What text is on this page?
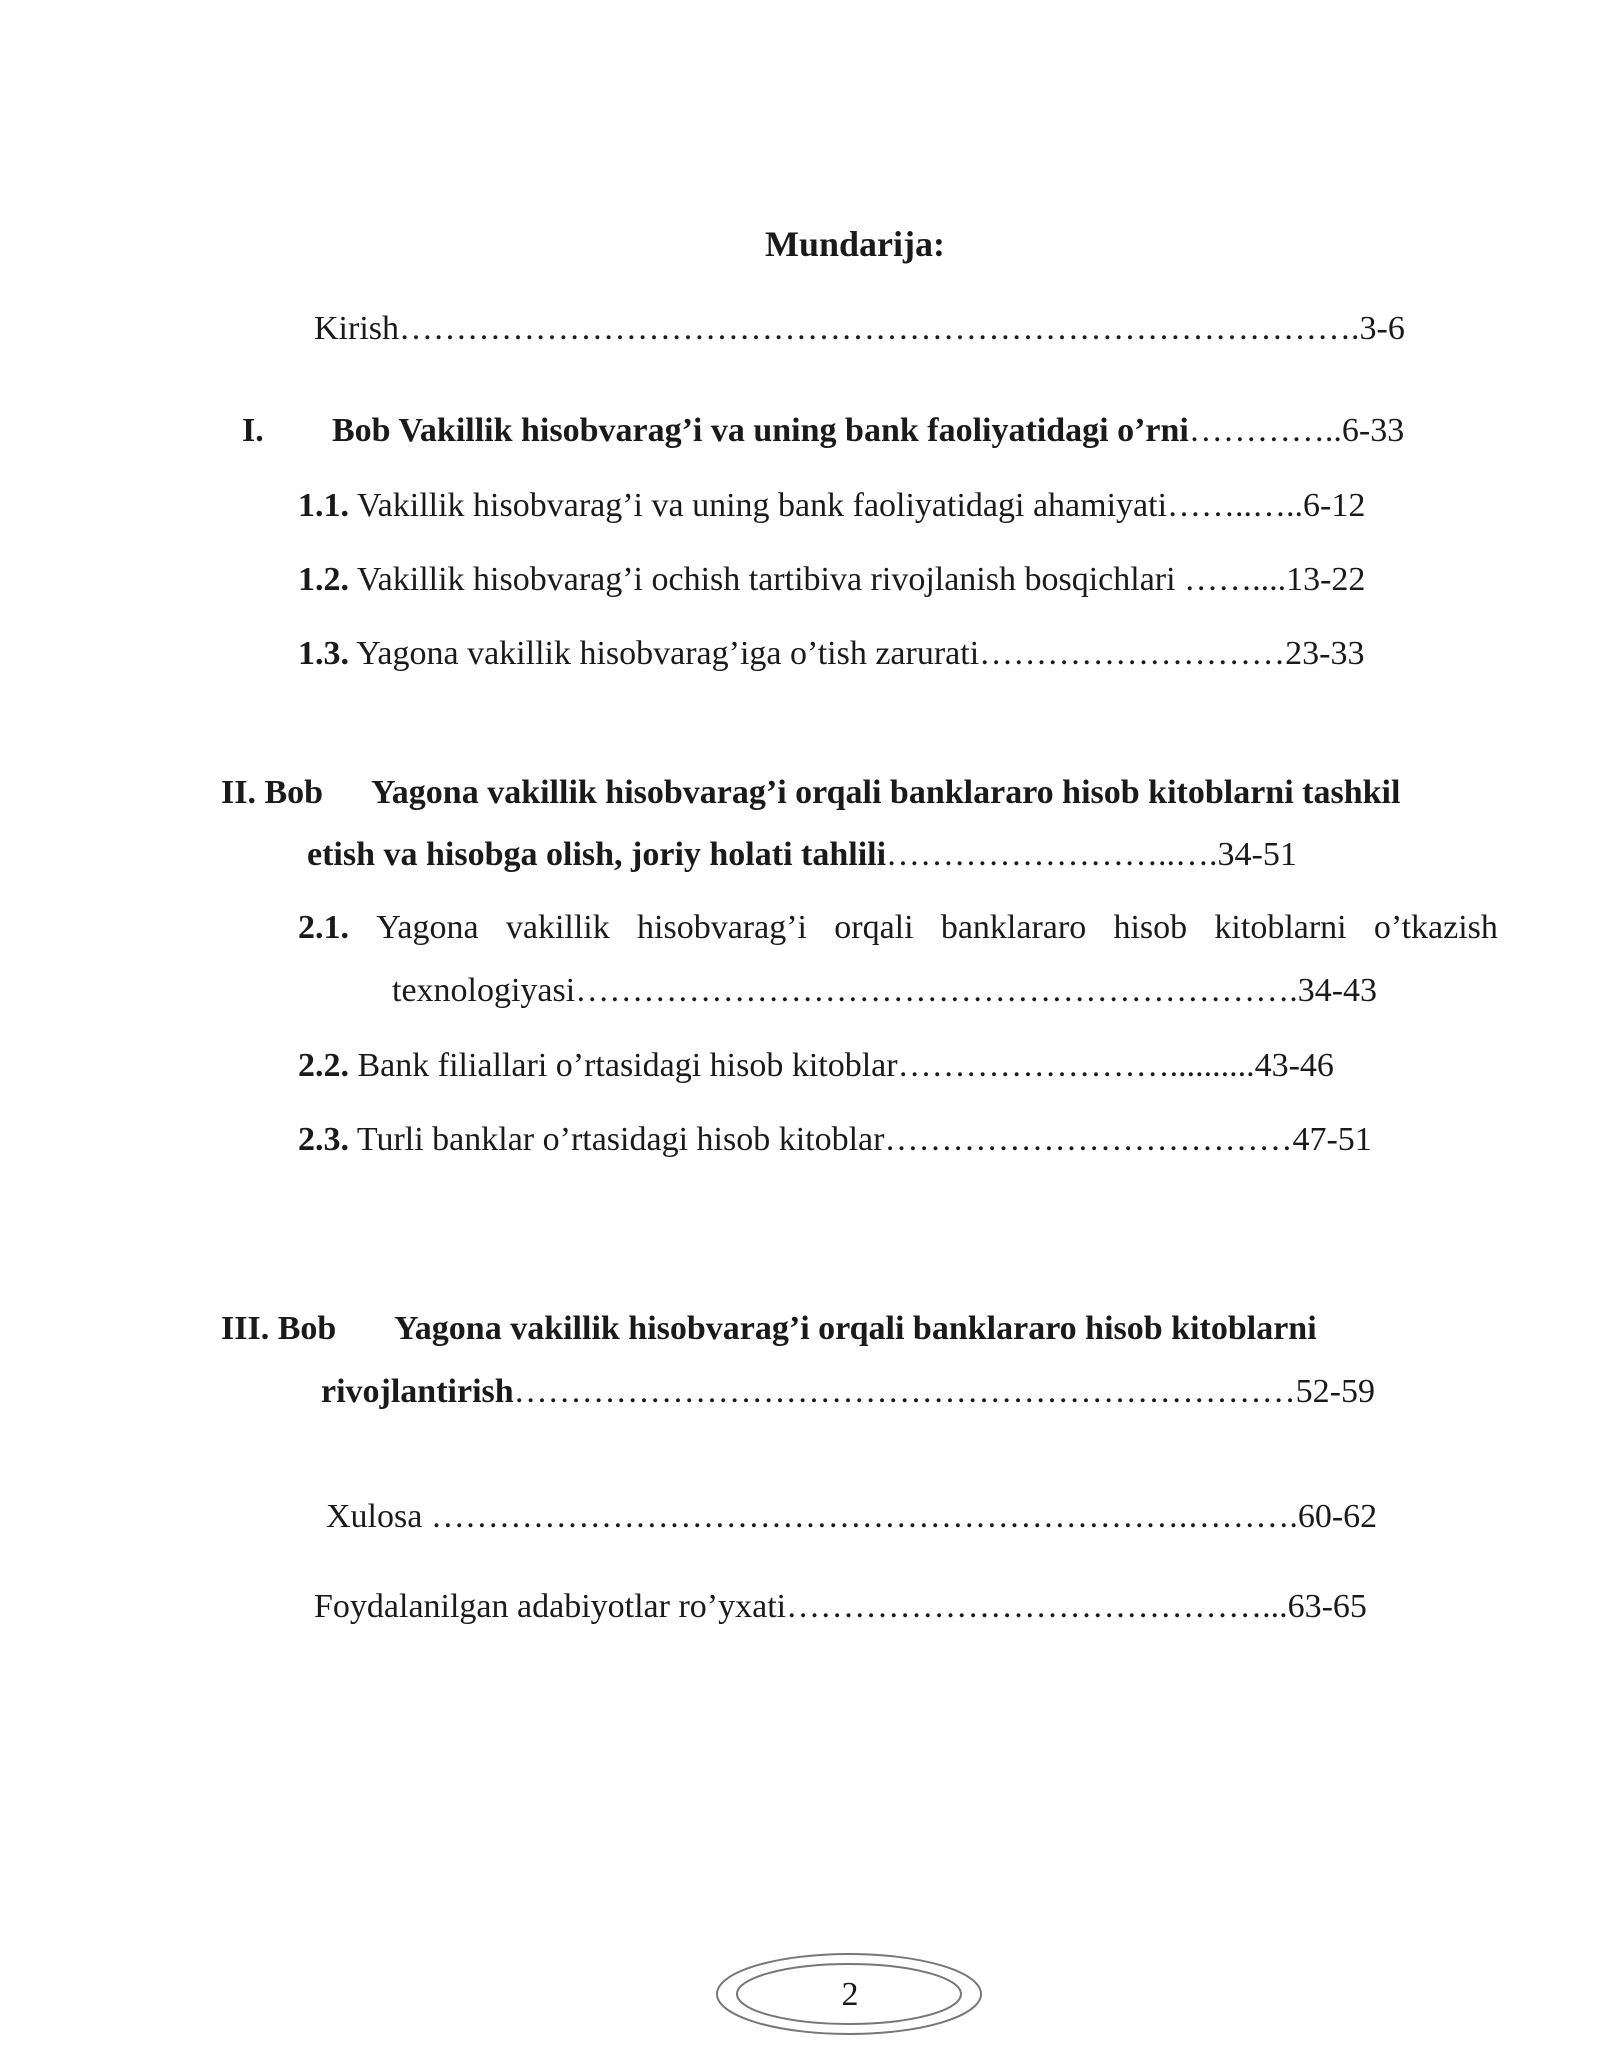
Mundarija:
Kirish………………………………………………………………………….3-6
I. Bob Vakillik hisobvarag’i va uning bank faoliyatidagi o’rni…………..6-33
1.1. Vakillik hisobvarag’i va uning bank faoliyatidagi ahamiyati……..…..6-12
1.2. Vakillik hisobvarag’i ochish tartibiva rivojlanish bosqichlari ……....13-22
1.3. Yagona vakillik hisobvarag’iga o’tish zarurati………………………23-33
II. Bob Yagona vakillik hisobvarag’i orqali banklararo hisob kitoblarni tashkil
etish va hisobga olish, joriy holati tahlili……………………..….34-51
2.1. Yagona vakillik hisobvarag’i orqali banklararo hisob kitoblarni o’tkazish
texnologiyasi……………………………………………………….34-43
2.2. Bank filiallari o’rtasidagi hisob kitoblar……………………..........43-46
2.3. Turli banklar o’rtasidagi hisob kitoblar………………………………47-51
III. Bob Yagona vakillik hisobvarag’i orqali banklararo hisob kitoblarni
rivojlantirish……………………………………………………………52-59
Xulosa ………………………………………………………….……….60-62
Foydalanilgan adabiyotlar ro’yxati……………………………………...63-65
2
